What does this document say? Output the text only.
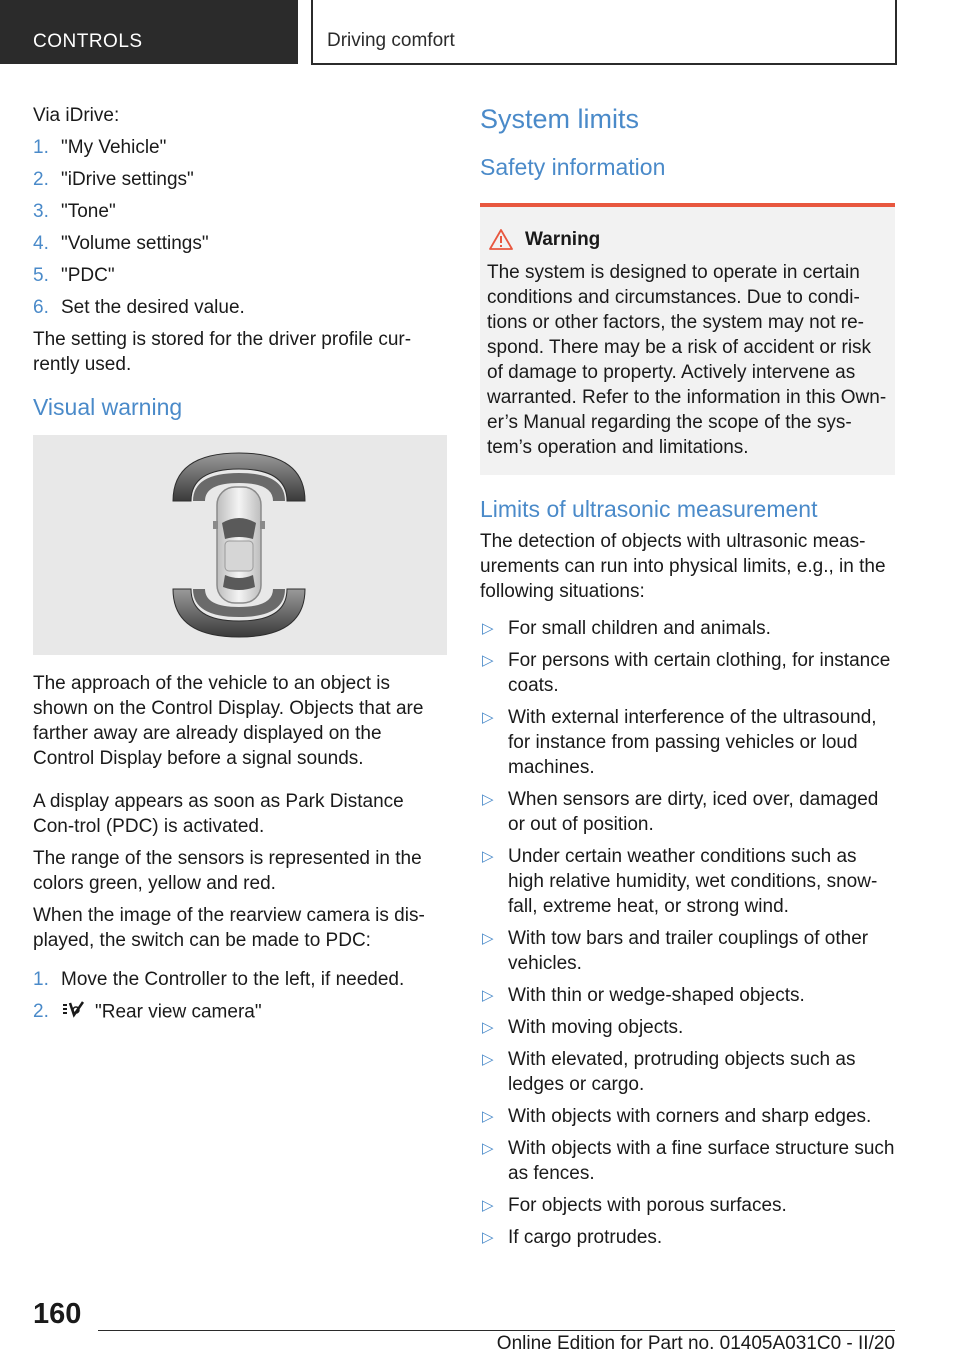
CONTROLS	Driving comfort

Via iDrive:

1. "My Vehicle"
2. "iDrive settings"
3. "Tone"
4. "Volume settings"
5. "PDC"
6. Set the desired value.

The setting is stored for the driver profile cur-rently used.

Visual warning

The approach of the vehicle to an object is shown on the Control Display. Objects that are farther away are already displayed on the Control Display before a signal sounds.

A display appears as soon as Park Distance Con-trol (PDC) is activated.

The range of the sensors is represented in the colors green, yellow and red.

When the image of the rearview camera is dis-played, the switch can be made to PDC:

1. Move the Controller to the left, if needed.
2. "Rear view camera"
System limits
Safety information
Warning
The system is designed to operate in certain conditions and circumstances. Due to condi-tions or other factors, the system may not re-spond. There may be a risk of accident or risk of damage to property. Actively intervene as warranted. Refer to the information in this Own-er’s Manual regarding the scope of the sys-tem’s operation and limitations.
Limits of ultrasonic measurement

The detection of objects with ultrasonic meas-urements can run into physical limits, e.g., in the following situations:

▷ For small children and animals.
▷ For persons with certain clothing, for instance coats.
▷ With external interference of the ultrasound, for instance from passing vehicles or loud machines.
▷ When sensors are dirty, iced over, damaged or out of position.
▷ Under certain weather conditions such as high relative humidity, wet conditions, snow-fall, extreme heat, or strong wind.
▷ With tow bars and trailer couplings of other vehicles.
▷ With thin or wedge-shaped objects.
▷ With moving objects.
▷ With elevated, protruding objects such as ledges or cargo.
▷ With objects with corners and sharp edges.
▷ With objects with a fine surface structure such as fences.
▷ For objects with porous surfaces.
▷ If cargo protrudes.
160
Online Edition for Part no. 01405A031C0 - II/20
